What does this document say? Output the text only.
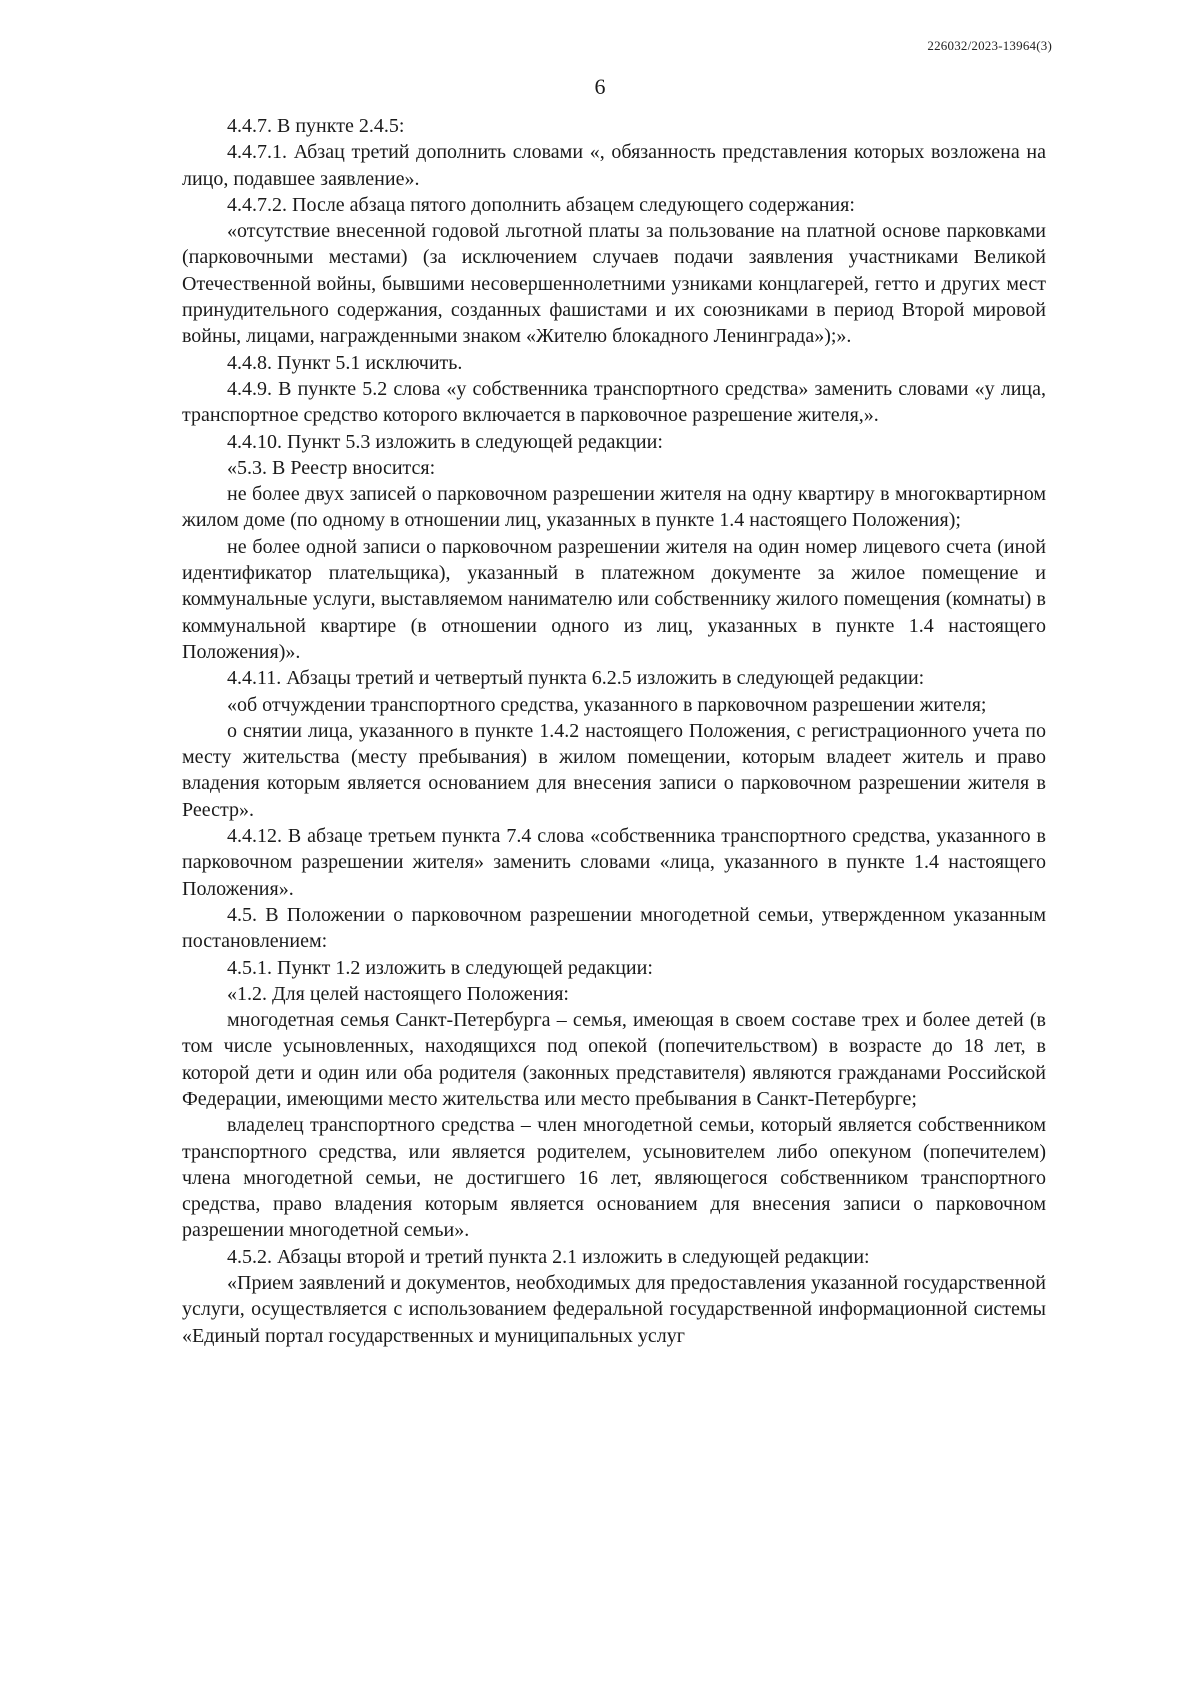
226032/2023-13964(3)
6

4.4.7. В пункте 2.4.5:

4.4.7.1. Абзац третий дополнить словами «, обязанность представления которых возложена на лицо, подавшее заявление».

4.4.7.2. После абзаца пятого дополнить абзацем следующего содержания:

«отсутствие внесенной годовой льготной платы за пользование на платной основе парковками (парковочными местами) (за исключением случаев подачи заявления участниками Великой Отечественной войны, бывшими несовершеннолетними узниками концлагерей, гетто и других мест принудительного содержания, созданных фашистами и их союзниками в период Второй мировой войны, лицами, награжденными знаком «Жителю блокадного Ленинграда»);».

4.4.8. Пункт 5.1 исключить.

4.4.9. В пункте 5.2 слова «у собственника транспортного средства» заменить словами «у лица, транспортное средство которого включается в парковочное разрешение жителя,».

4.4.10. Пункт 5.3 изложить в следующей редакции:

«5.3. В Реестр вносится:

не более двух записей о парковочном разрешении жителя на одну квартиру в многоквартирном жилом доме (по одному в отношении лиц, указанных в пункте 1.4 настоящего Положения);

не более одной записи о парковочном разрешении жителя на один номер лицевого счета (иной идентификатор плательщика), указанный в платежном документе за жилое помещение и коммунальные услуги, выставляемом нанимателю или собственнику жилого помещения (комнаты) в коммунальной квартире (в отношении одного из лиц, указанных в пункте 1.4 настоящего Положения)».

4.4.11. Абзацы третий и четвертый пункта 6.2.5 изложить в следующей редакции:

«об отчуждении транспортного средства, указанного в парковочном разрешении жителя;

о снятии лица, указанного в пункте 1.4.2 настоящего Положения, с регистрационного учета по месту жительства (месту пребывания) в жилом помещении, которым владеет житель и право владения которым является основанием для внесения записи о парковочном разрешении жителя в Реестр».

4.4.12. В абзаце третьем пункта 7.4 слова «собственника транспортного средства, указанного в парковочном разрешении жителя» заменить словами «лица, указанного в пункте 1.4 настоящего Положения».

4.5. В Положении о парковочном разрешении многодетной семьи, утвержденном указанным постановлением:

4.5.1. Пункт 1.2 изложить в следующей редакции:

«1.2. Для целей настоящего Положения:

многодетная семья Санкт-Петербурга – семья, имеющая в своем составе трех и более детей (в том числе усыновленных, находящихся под опекой (попечительством) в возрасте до 18 лет, в которой дети и один или оба родителя (законных представителя) являются гражданами Российской Федерации, имеющими место жительства или место пребывания в Санкт-Петербурге;

владелец транспортного средства – член многодетной семьи, который является собственником транспортного средства, или является родителем, усыновителем либо опекуном (попечителем) члена многодетной семьи, не достигшего 16 лет, являющегося собственником транспортного средства, право владения которым является основанием для внесения записи о парковочном разрешении многодетной семьи».

4.5.2. Абзацы второй и третий пункта 2.1 изложить в следующей редакции:

«Прием заявлений и документов, необходимых для предоставления указанной государственной услуги, осуществляется с использованием федеральной государственной информационной системы «Единый портал государственных и муниципальных услуг
